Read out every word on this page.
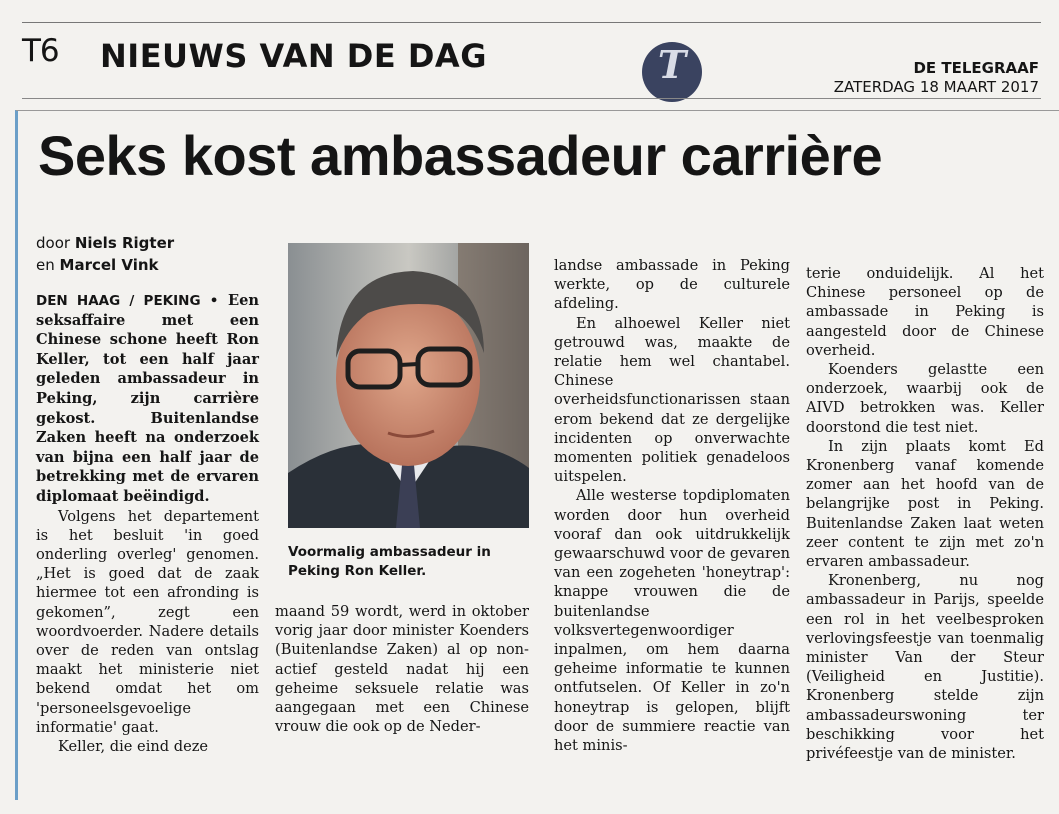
T6 NIEUWS VAN DE DAG	T	DE TELEGRAAF
ZATERDAG 18 MAART 2017
Seks kost ambassadeur carrière
door Niels Rigter
en Marcel Vink

DEN HAAG / PEKING • Een seksaffaire met een Chinese schone heeft Ron Keller, tot een half jaar geleden ambassadeur in Peking, zijn carrière gekost. Buitenlandse Zaken heeft na onderzoek van bijna een half jaar de betrekking met de ervaren diplomaat beëindigd.

Volgens het departement is het besluit 'in goed onderling overleg' genomen. „Het is goed dat de zaak hiermee tot een afronding is gekomen”, zegt een woordvoerder. Nadere details over de reden van ontslag maakt het ministerie niet bekend omdat het om 'personeelsgevoelige informatie' gaat.

Keller, die eind deze

Voormalig ambassadeur in Peking Ron Keller.

maand 59 wordt, werd in oktober vorig jaar door minister Koenders (Buitenlandse Zaken) al op non-actief gesteld nadat hij een geheime seksuele relatie was aangegaan met een Chinese vrouw die ook op de Neder-

landse ambassade in Peking werkte, op de culturele afdeling.

En alhoewel Keller niet getrouwd was, maakte de relatie hem wel chantabel. Chinese overheidsfunctionarissen staan erom bekend dat ze dergelijke incidenten op onverwachte momenten politiek genadeloos uitspelen.

Alle westerse topdiplomaten worden door hun overheid vooraf dan ook uitdrukkelijk gewaarschuwd voor de gevaren van een zogeheten 'honeytrap': knappe vrouwen die de buitenlandse volksvertegenwoordiger inpalmen, om hem daarna geheime informatie te kunnen ontfutselen. Of Keller in zo'n honeytrap is gelopen, blijft door de summiere reactie van het minis-

terie onduidelijk. Al het Chinese personeel op de ambassade in Peking is aangesteld door de Chinese overheid.

Koenders gelastte een onderzoek, waarbij ook de AIVD betrokken was. Keller doorstond die test niet.

In zijn plaats komt Ed Kronenberg vanaf komende zomer aan het hoofd van de belangrijke post in Peking. Buitenlandse Zaken laat weten zeer content te zijn met zo'n ervaren ambassadeur.

Kronenberg, nu nog ambassadeur in Parijs, speelde een rol in het veelbesproken verlovingsfeestje van toenmalig minister Van der Steur (Veiligheid en Justitie). Kronenberg stelde zijn ambassadeurswoning ter beschikking voor het privéfeestje van de minister.
